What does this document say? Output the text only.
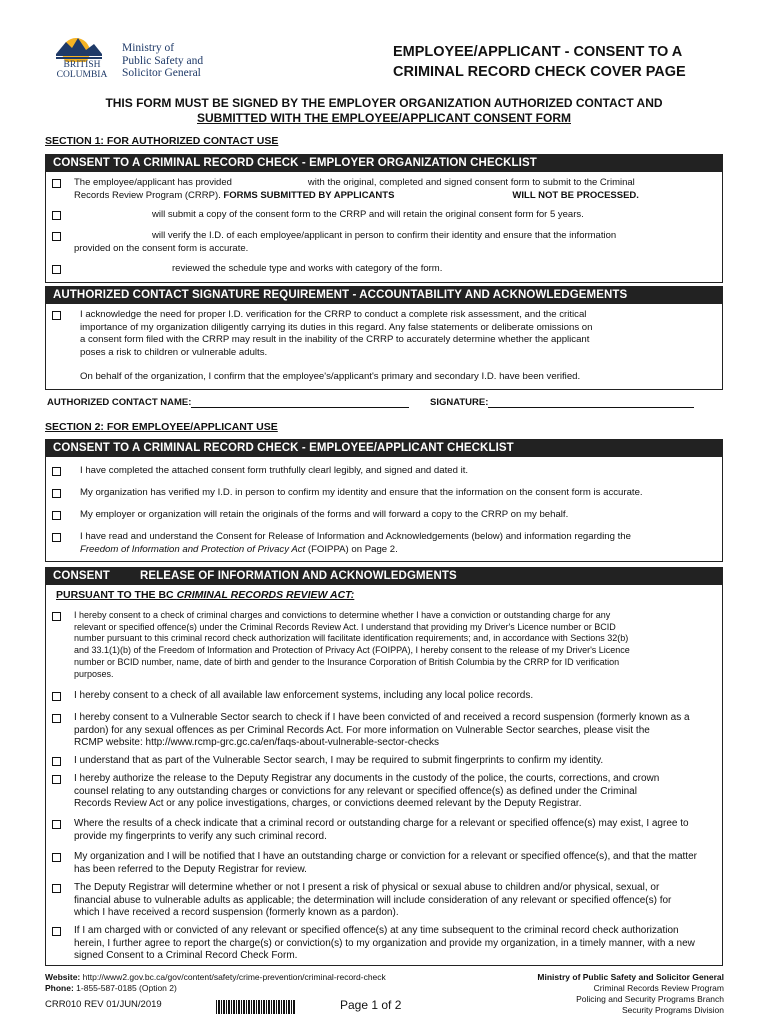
BRITISH
COLUMBIA
Ministry of
Public Safety and
Solicitor General
EMPLOYEE/APPLICANT - CONSENT TO A
CRIMINAL RECORD CHECK COVER PAGE
THIS FORM MUST BE SIGNED BY THE EMPLOYER ORGANIZATION AUTHORIZED CONTACT AND
SUBMITTED WITH THE EMPLOYEE/APPLICANT CONSENT FORM
SECTION 1: FOR AUTHORIZED CONTACT USE
CONSENT TO A CRIMINAL RECORD CHECK - EMPLOYER ORGANIZATION CHECKLIST
The employee/applicant has provided	with the original, completed and signed consent form to submit to the Criminal
Records Review Program (CRRP). FORMS SUBMITTED BY APPLICANTS	WILL NOT BE PROCESSED.
will submit a copy of the consent form to the CRRP and will retain the original consent form for 5 years.
will verify the I.D. of each employee/applicant in person to confirm their identity and ensure that the information
provided on the consent form is accurate.
reviewed the schedule type and works with category of the form.
AUTHORIZED CONTACT SIGNATURE REQUIREMENT - ACCOUNTABILITY AND ACKNOWLEDGEMENTS
I acknowledge the need for proper I.D. verification for the CRRP to conduct a complete risk assessment, and the critical
importance of my organization diligently carrying its duties in this regard. Any false statements or deliberate omissions on
a consent form filed with the CRRP may result in the inability of the CRRP to accurately determine whether the applicant
poses a risk to children or vulnerable adults.
On behalf of the organization, I confirm that the employee's/applicant's primary and secondary I.D. have been verified.
AUTHORIZED CONTACT NAME:	SIGNATURE:
SECTION 2: FOR EMPLOYEE/APPLICANT USE
CONSENT TO A CRIMINAL RECORD CHECK - EMPLOYEE/APPLICANT CHECKLIST
I have completed the attached consent form truthfully clearl legibly, and signed and dated it.
My organization has verified my I.D. in person to confirm my identity and ensure that the information on the consent form is accurate.
My employer or organization will retain the originals of the forms and will forward a copy to the CRRP on my behalf.
I have read and understand the Consent for Release of Information and Acknowledgements (below) and information regarding the
Freedom of Information and Protection of Privacy Act (FOIPPA) on Page 2.
CONSENT	RELEASE OF INFORMATION AND ACKNOWLEDGMENTS
PURSUANT TO THE BC CRIMINAL RECORDS REVIEW ACT:
I hereby consent to a check of criminal charges and convictions to determine whether I have a conviction or outstanding charge for any
relevant or specified offence(s) under the Criminal Records Review Act. I understand that providing my Driver's Licence number or BCID
number pursuant to this criminal record check authorization will facilitate identification requirements; and, in accordance with Sections 32(b)
and 33.1(1)(b) of the Freedom of Information and Protection of Privacy Act (FOIPPA), I hereby consent to the release of my Driver's Licence
number or BCID number, name, date of birth and gender to the Insurance Corporation of British Columbia by the CRRP for ID verification
purposes.
I hereby consent to a check of all available law enforcement systems, including any local police records.
I hereby consent to a Vulnerable Sector search to check if I have been convicted of and received a record suspension (formerly known as a
pardon) for any sexual offences as per Criminal Records Act. For more information on Vulnerable Sector searches, please visit the
RCMP website: http://www.rcmp-grc.gc.ca/en/faqs-about-vulnerable-sector-checks
I understand that as part of the Vulnerable Sector search, I may be required to submit fingerprints to confirm my identity.
I hereby authorize the release to the Deputy Registrar any documents in the custody of the police, the courts, corrections, and crown
counsel relating to any outstanding charges or convictions for any relevant or specified offence(s) as defined under the Criminal
Records Review Act or any police investigations, charges, or convictions deemed relevant by the Deputy Registrar.
Where the results of a check indicate that a criminal record or outstanding charge for a relevant or specified offence(s) may exist, I agree to
provide my fingerprints to verify any such criminal record.
My organization and I will be notified that I have an outstanding charge or conviction for a relevant or specified offence(s), and that the matter
has been referred to the Deputy Registrar for review.
The Deputy Registrar will determine whether or not I present a risk of physical or sexual abuse to children and/or physical, sexual, or
financial abuse to vulnerable adults as applicable; the determination will include consideration of any relevant or specified offence(s) for
which I have received a record suspension (formerly known as a pardon).
If I am charged with or convicted of any relevant or specified offence(s) at any time subsequent to the criminal record check authorization
herein, I further agree to report the charge(s) or conviction(s) to my organization and provide my organization, in a timely manner, with a new
signed Consent to a Criminal Record Check Form.
Website: http://www2.gov.bc.ca/gov/content/safety/crime-prevention/criminal-record-check
Phone: 1-855-587-0185 (Option 2)
CRR010 REV 01/JUN/2019	Page 1 of 2
Ministry of Public Safety and Solicitor General
Criminal Records Review Program
Policing and Security Programs Branch
Security Programs Division
